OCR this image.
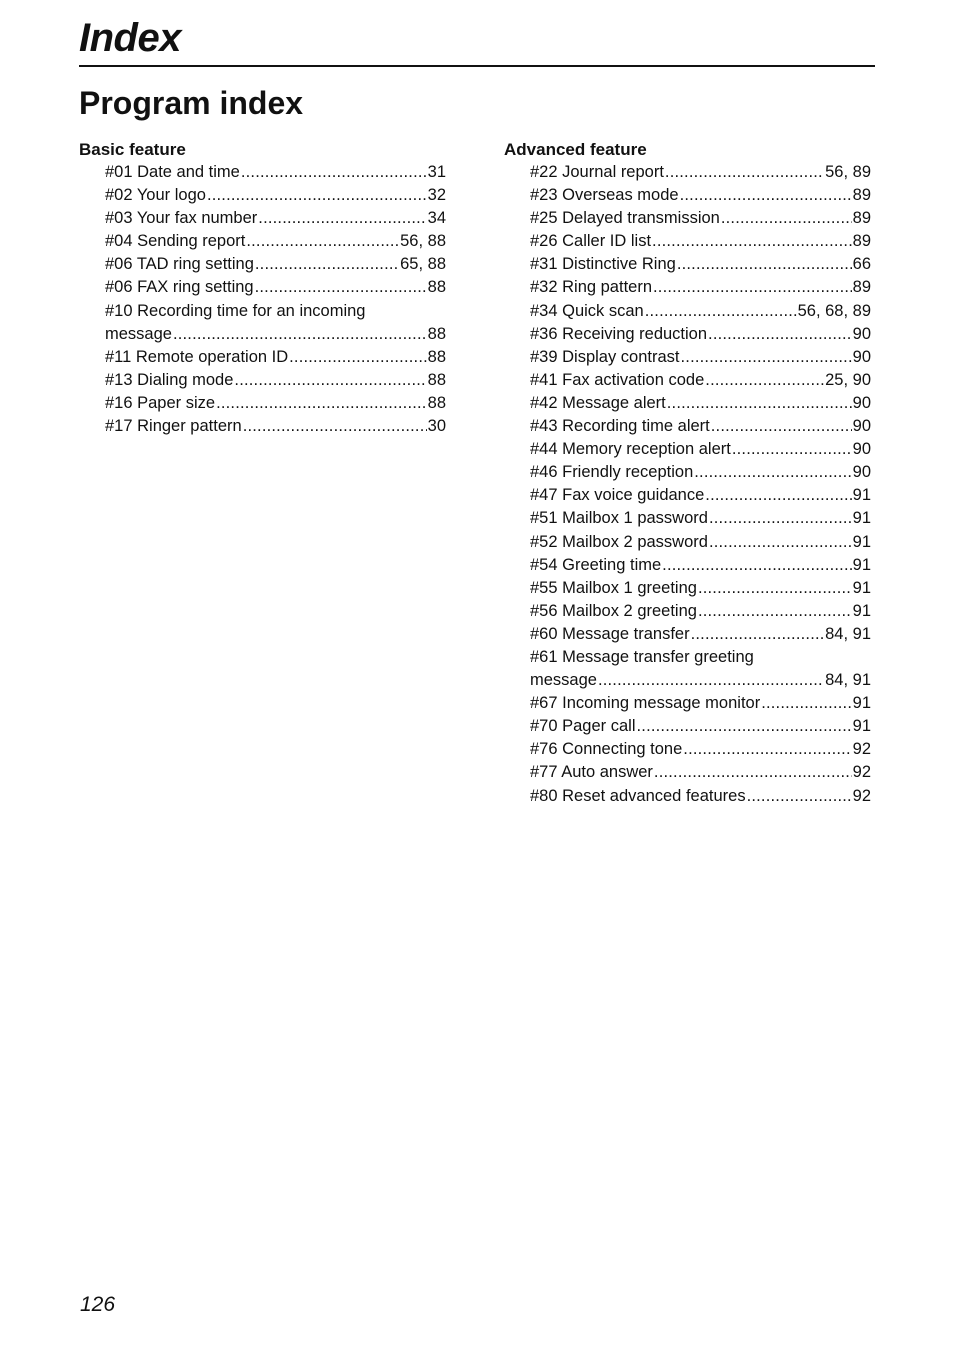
Index
Program index
Basic feature
#01 Date and time .....	31
#02 Your logo .....	32
#03 Your fax number .....	34
#04 Sending report .....	56, 88
#06 TAD ring setting .....	65, 88
#06 FAX ring setting .....	88
#10 Recording time for an incoming
message .....	88
#11 Remote operation ID .....	88
#13 Dialing mode .....	88
#16 Paper size .....	88
#17 Ringer pattern .....	30
Advanced feature
#22 Journal report .....	56, 89
#23 Overseas mode .....	89
#25 Delayed transmission .....	89
#26 Caller ID list .....	89
#31 Distinctive Ring .....	66
#32 Ring pattern .....	89
#34 Quick scan .....	56, 68, 89
#36 Receiving reduction .....	90
#39 Display contrast .....	90
#41 Fax activation code .....	25, 90
#42 Message alert .....	90
#43 Recording time alert .....	90
#44 Memory reception alert .....	90
#46 Friendly reception .....	90
#47 Fax voice guidance .....	91
#51 Mailbox 1 password .....	91
#52 Mailbox 2 password .....	91
#54 Greeting time .....	91
#55 Mailbox 1 greeting .....	91
#56 Mailbox 2 greeting .....	91
#60 Message transfer .....	84, 91
#61 Message transfer greeting
message .....	84, 91
#67 Incoming message monitor .....	91
#70 Pager call .....	91
#76 Connecting tone .....	92
#77 Auto answer .....	92
#80 Reset advanced features .....	92
126
